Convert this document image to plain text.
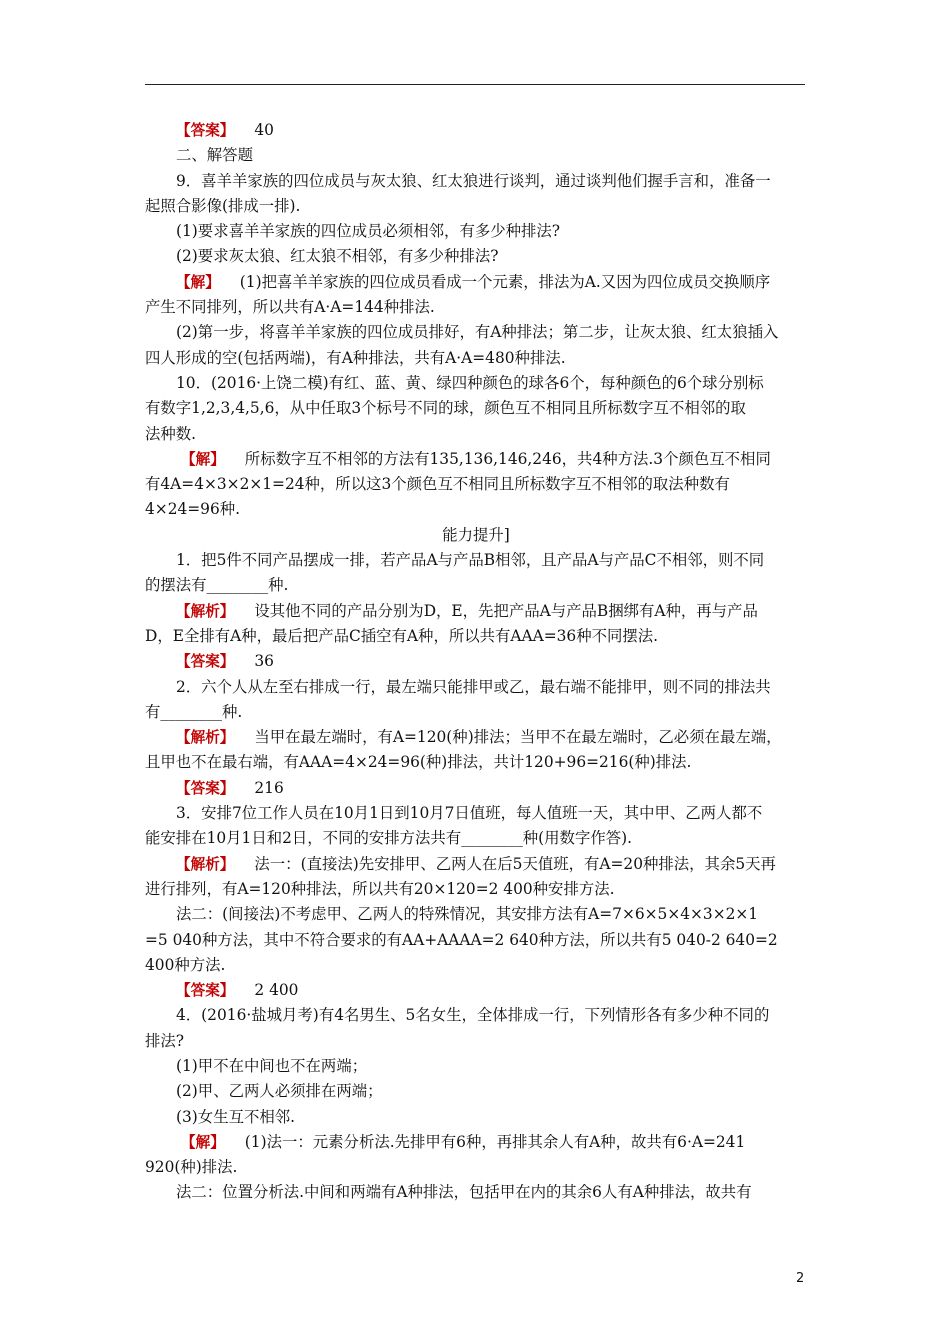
【答案】 40
二、解答题
9．喜羊羊家族的四位成员与灰太狼、红太狼进行谈判，通过谈判他们握手言和，准备一
起照合影像(排成一排).
(1)要求喜羊羊家族的四位成员必须相邻，有多少种排法?
(2)要求灰太狼、红太狼不相邻，有多少种排法?
【解】 (1)把喜羊羊家族的四位成员看成一个元素，排法为A.又因为四位成员交换顺序
产生不同排列，所以共有A·A=144种排法.
(2)第一步，将喜羊羊家族的四位成员排好，有A种排法；第二步，让灰太狼、红太狼插入
四人形成的空(包括两端)，有A种排法，共有A·A=480种排法.
10．(2016·上饶二模)有红、蓝、黄、绿四种颜色的球各6个，每种颜色的6个球分别标
有数字1,2,3,4,5,6，从中任取3个标号不同的球，颜色互不相同且所标数字互不相邻的取
法种数.
【解】 所标数字互不相邻的方法有135,136,146,246，共4种方法.3个颜色互不相同
有4A=4×3×2×1=24种，所以这3个颜色互不相同且所标数字互不相邻的取法种数有
4×24=96种.
能力提升]
1．把5件不同产品摆成一排，若产品A与产品B相邻，且产品A与产品C不相邻，则不同
的摆法有________种.
【解析】 设其他不同的产品分别为D，E，先把产品A与产品B捆绑有A种，再与产品
D，E全排有A种，最后把产品C插空有A种，所以共有AAA=36种不同摆法.
【答案】 36
2．六个人从左至右排成一行，最左端只能排甲或乙，最右端不能排甲，则不同的排法共
有________种.
【解析】 当甲在最左端时，有A=120(种)排法；当甲不在最左端时，乙必须在最左端，
且甲也不在最右端，有AAA=4×24=96(种)排法，共计120+96=216(种)排法.
【答案】 216
3．安排7位工作人员在10月1日到10月7日值班，每人值班一天，其中甲、乙两人都不
能安排在10月1日和2日，不同的安排方法共有________种(用数字作答).
【解析】 法一：(直接法)先安排甲、乙两人在后5天值班，有A=20种排法，其余5天再
进行排列，有A=120种排法，所以共有20×120=2 400种安排方法.
法二：(间接法)不考虑甲、乙两人的特殊情况，其安排方法有A=7×6×5×4×3×2×1
=5 040种方法，其中不符合要求的有AA+AAAA=2 640种方法，所以共有5 040-2 640=2
400种方法.
【答案】 2 400
4．(2016·盐城月考)有4名男生、5名女生，全体排成一行，下列情形各有多少种不同的
排法?
(1)甲不在中间也不在两端；
(2)甲、乙两人必须排在两端；
(3)女生互不相邻.
【解】 (1)法一：元素分析法.先排甲有6种，再排其余人有A种，故共有6·A=241
920(种)排法.
法二：位置分析法.中间和两端有A种排法，包括甲在内的其余6人有A种排法，故共有
2
